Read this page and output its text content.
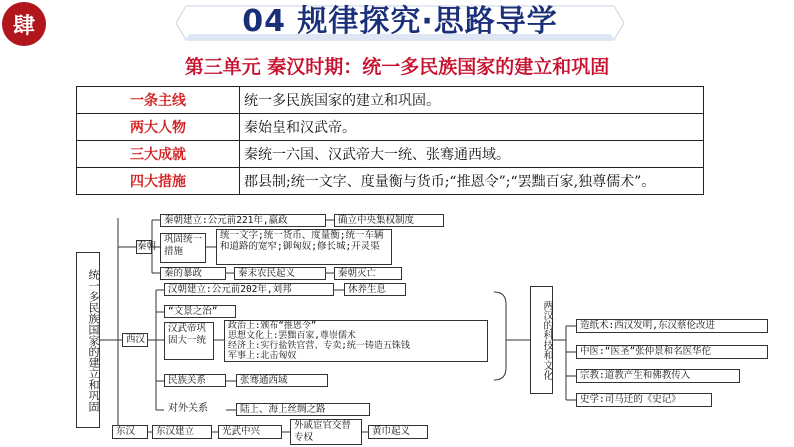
肆	04 规律探究·思路导学
第三单元 秦汉时期：统一多民族国家的建立和巩固
一条主线	统一多民族国家的建立和巩固。
两大人物	秦始皇和汉武帝。
三大成就	秦统一六国、汉武帝大一统、张骞通西域。
四大措施	郡县制;统一文字、度量衡与货币;“推恩令”;“罢黜百家,独尊儒术”。
统一多民族国家的建立和巩固
秦朝
秦朝建立:公元前221年,嬴政	确立中央集权制度
巩固统一措施
统一文字;统一货币、度量衡;统一车辆和道路的宽窄;御匈奴;修长城;开灵渠
秦的暴政	秦末农民起义	秦朝灭亡
西汉
汉朝建立:公元前202年,刘邦	休养生息
“文景之治”
汉武帝巩固大一统
政治上:颁布“推恩令”
思想文化上:罢黜百家,尊崇儒术
经济上:实行盐铁官营、专卖;统一铸造五铢钱
军事上:北击匈奴
民族关系	张骞通西域
对外关系	陆上、海上丝绸之路
东汉	东汉建立	光武中兴
外戚宦官交替专权
黄巾起义
两汉的科技和文化	造纸术:西汉发明,东汉蔡伦改进
中医:“医圣”张仲景和名医华佗
宗教:道教产生和佛教传入
史学:司马迁的《史记》
